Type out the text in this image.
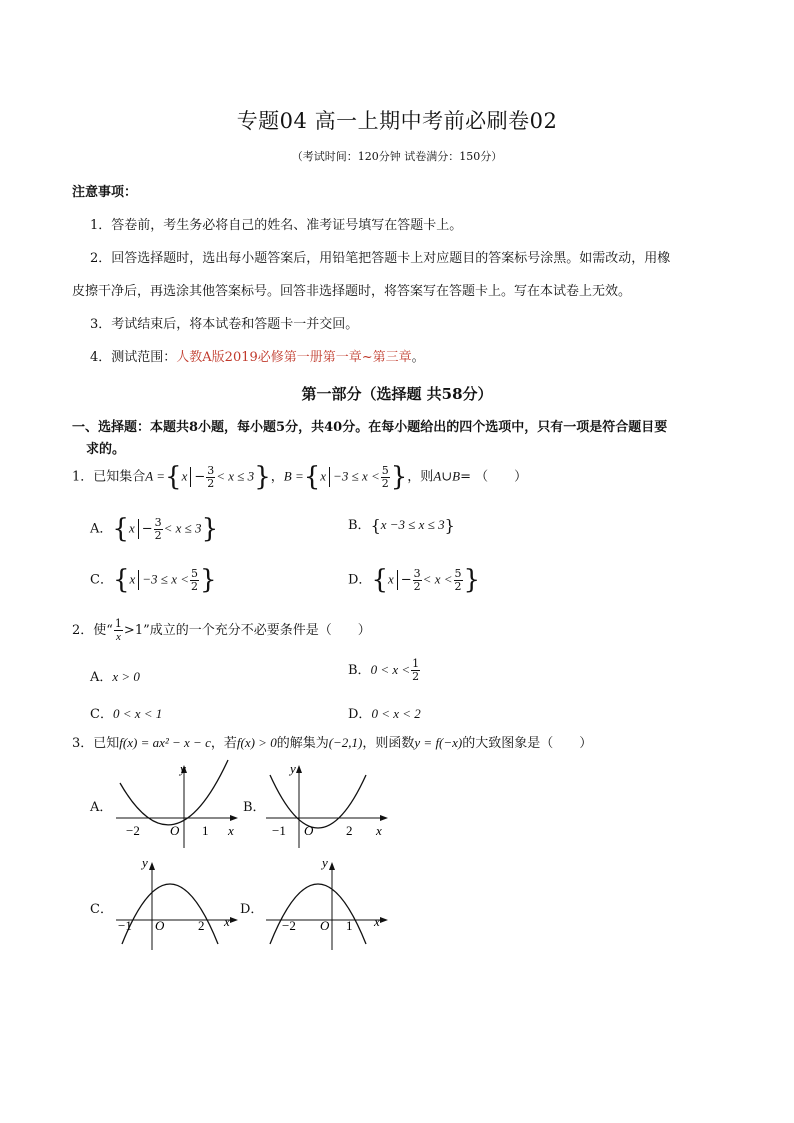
专题04 高一上期中考前必刷卷02
（考试时间：120分钟 试卷满分：150分）
注意事项：
1．答卷前，考生务必将自己的姓名、准考证号填写在答题卡上。
2．回答选择题时，选出每小题答案后，用铅笔把答题卡上对应题目的答案标号涂黑。如需改动，用橡
皮擦干净后，再选涂其他答案标号。回答非选择题时，将答案写在答题卡上。写在本试卷上无效。
3．考试结束后，将本试卷和答题卡一并交回。
4．测试范围：人教A版2019必修第一册第一章~第三章。
第一部分（选择题 共58分）
一、选择题：本题共8小题，每小题5分，共40分。在每小题给出的四个选项中，只有一项是符合题目要
求的。
1．已知集合$A =\{x - \frac{3}{2} < x \le 3\}$，$B =\{x -3 \le x < \frac{5}{2}$ }，则A∪B= （　　）
A．$\{x - \frac{3}{2} < x \le 3\}$	B．{x −3 ≤ x ≤ 3}
C．{$x -3 \le x < \frac{5}{2}$ }	D．{$x - \frac{3}{2} < x < \frac{5}{2}$ }
2．使“ $\frac{1}{x} >1$”成立的一个充分不必要条件是（　　）
A．x > 0	B．$0 < x < \frac{1}{2}$
C．0 < x < 1	D．0 < x < 2
3．已知f(x) = ax² − x − c，若f(x) > 0的解集为(−2,1)，则函数y = f(−x)的大致图象是（　　）
A．
y
x
O
−2	1
B．
y
x
O
−1	2
C．
y
x
O
−1	2
D．
y
x
O
−2	1
